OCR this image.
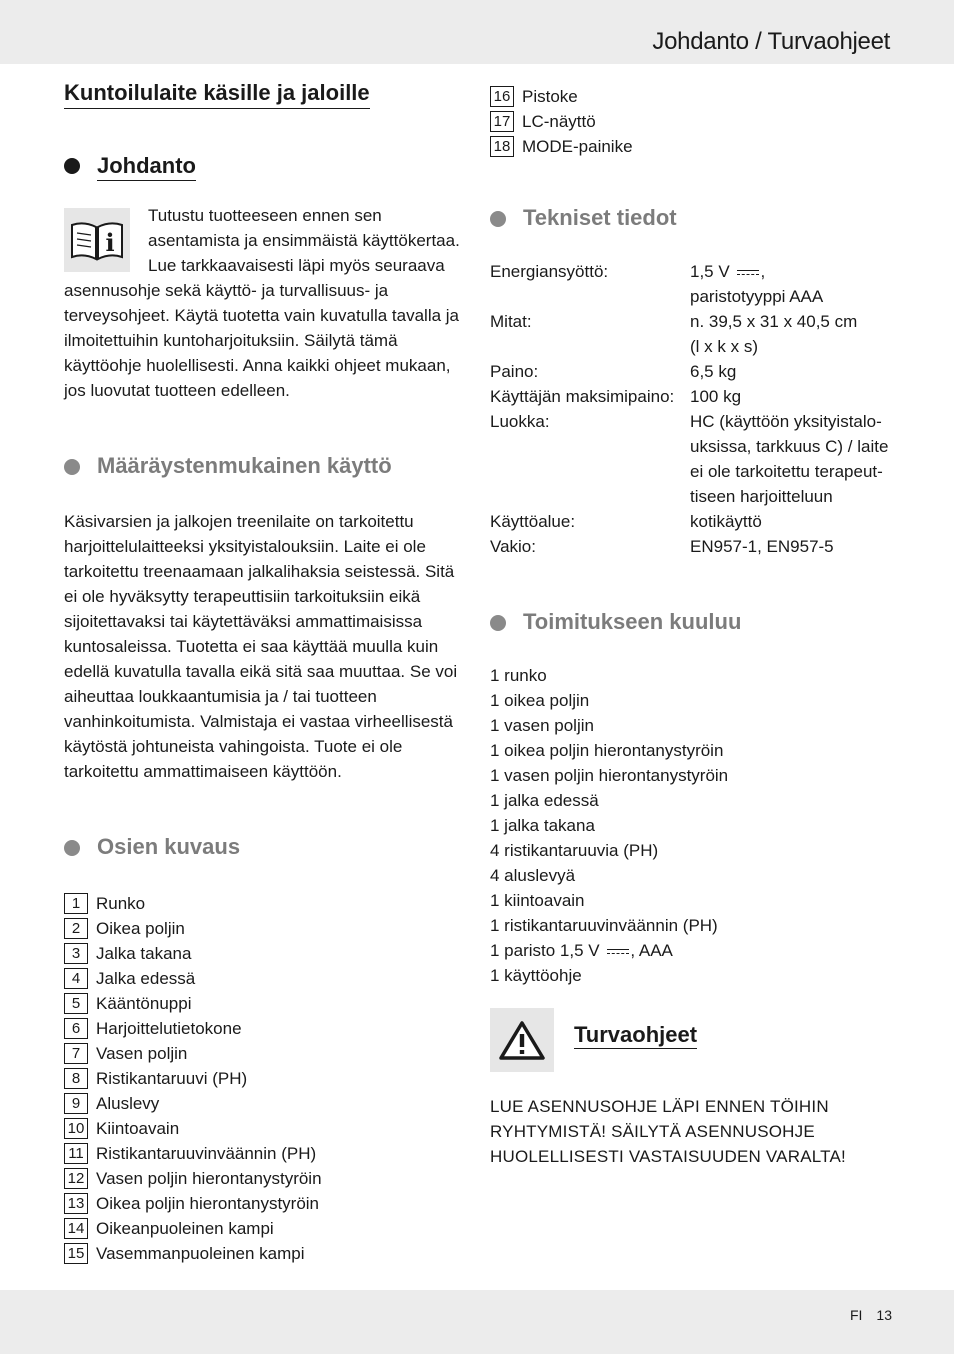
Johdanto / Turvaohjeet
Kuntoilulaite käsille ja jaloille
Johdanto
i

Tutustu tuotteeseen ennen sen asentamista ja ensimmäistä käyttökertaa. Lue tarkkaavaisesti läpi myös seuraava asennusohje sekä käyttö- ja turvallisuus- ja terveysohjeet. Käytä tuotetta vain kuvatulla tavalla ja ilmoitettuihin kuntoharjoituksiin. Säilytä tämä käyttöohje huolellisesti. Anna kaikki ohjeet mukaan, jos luovutat tuotteen edelleen.

Määräystenmukainen käyttö

Käsivarsien ja jalkojen treenilaite on tarkoitettu harjoittelulaitteeksi yksityistalouksiin. Laite ei ole tarkoitettu treenaamaan jalkalihaksia seistessä. Sitä ei ole hyväksytty terapeuttisiin tarkoituksiin eikä sijoitettavaksi tai käytettäväksi ammattimaisissa kuntosaleissa. Tuotetta ei saa käyttää muulla kuin edellä kuvatulla tavalla eikä sitä saa muuttaa. Se voi aiheuttaa loukkaantumisia ja / tai tuotteen vanhinkoitumista. Valmistaja ei vastaa virheellisestä käytöstä johtuneista vahingoista. Tuote ei ole tarkoitettu ammattimaiseen käyttöön.

Osien kuvaus
1 Runko
2 Oikea poljin
3 Jalka takana
4 Jalka edessä
5 Kääntönuppi
6 Harjoittelutietokone
7 Vasen poljin
8 Ristikantaruuvi (PH)
9 Aluslevy
10 Kiintoavain
11 Ristikantaruuvinväännin (PH)
12 Vasen poljin hierontanystyröin
13 Oikea poljin hierontanystyröin
14 Oikeanpuoleinen kampi
15 Vasemmanpuoleinen kampi
16 Pistoke
17 LC-näyttö
18 MODE-painike
Tekniset tiedot
Energiansyöttö:	1,5 V ,
paristotyyppi AAA
Mitat:	n. 39,5 x 31 x 40,5 cm
(l x k x s)
Paino:	6,5 kg
Käyttäjän maksimipaino: 100 kg
Luokka:	HC (käyttöön yksityistalo-
uksissa, tarkkuus C) / laite
ei ole tarkoitettu terapeut-
tiseen harjoitteluun
Käyttöalue:	kotikäyttö
Vakio:	EN957-1, EN957-5
Toimitukseen kuuluu
1 runko
1 oikea poljin
1 vasen poljin
1 oikea poljin hierontanystyröin
1 vasen poljin hierontanystyröin
1 jalka edessä
1 jalka takana
4 ristikantaruuvia (PH)
4 aluslevyä
1 kiintoavain
1 ristikantaruuvinväännin (PH)
1 paristo 1,5 V , AAA
1 käyttöohje
Turvaohjeet
LUE ASENNUSOHJE LÄPI ENNEN TÖIHIN
RYHTYMISTÄ! SÄILYTÄ ASENNUSOHJE
HUOLELLISESTI VASTAISUUDEN VARALTA!
FI 13
